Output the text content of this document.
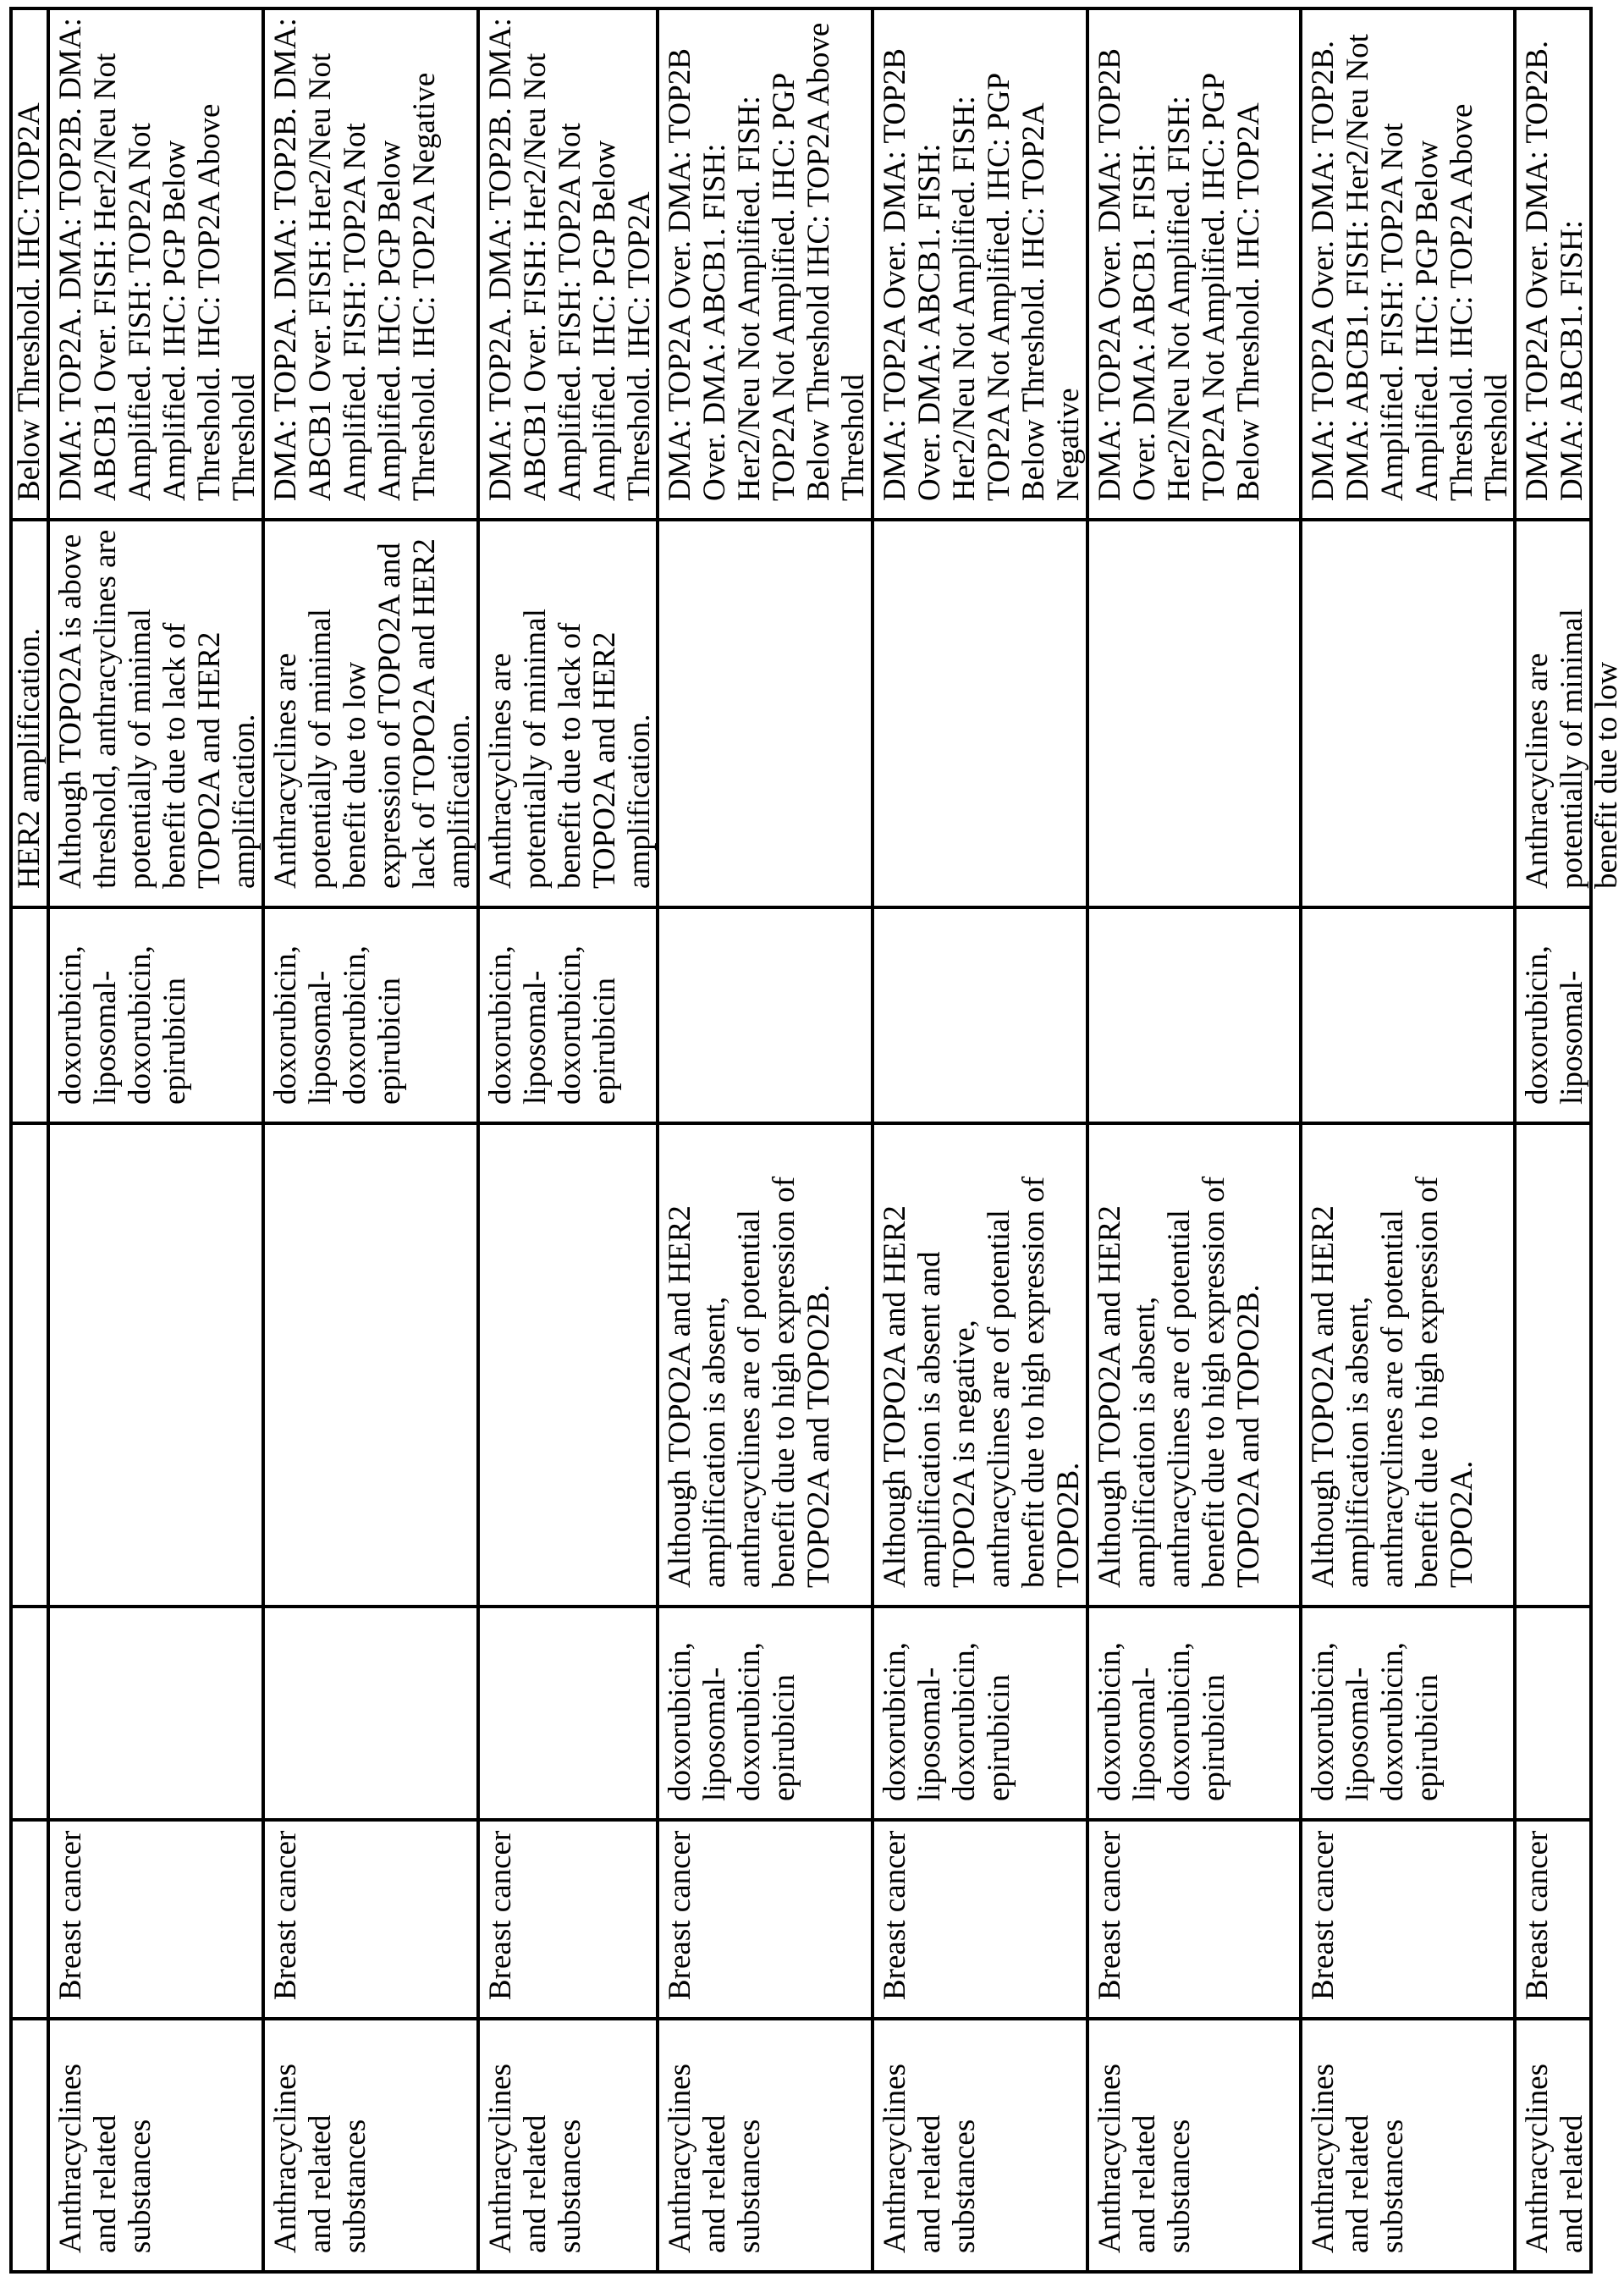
HER2 amplification.
Below Threshold. IHC: TOP2A
Anthracyclines and related substances
Breast cancer
doxorubicin, liposomal-doxorubicin, epirubicin
Although TOPO2A is above threshold, anthracyclines are potentially of minimal benefit due to lack of TOPO2A and HER2 amplification.
DMA: TOP2A. DMA: TOP2B. DMA: ABCB1 Over. FISH: Her2/Neu Not Amplified. FISH: TOP2A Not Amplified. IHC: PGP Below Threshold. IHC: TOP2A Above Threshold
Anthracyclines and related substances
Breast cancer
doxorubicin, liposomal-doxorubicin, epirubicin
Anthracyclines are potentially of minimal benefit due to low expression of TOPO2A and lack of TOPO2A and HER2 amplification.
DMA: TOP2A. DMA: TOP2B. DMA: ABCB1 Over. FISH: Her2/Neu Not Amplified. FISH: TOP2A Not Amplified. IHC: PGP Below Threshold. IHC: TOP2A Negative
Anthracyclines and related substances
Breast cancer
doxorubicin, liposomal-doxorubicin, epirubicin
Anthracyclines are potentially of minimal benefit due to lack of TOPO2A and HER2 amplification.
DMA: TOP2A. DMA: TOP2B. DMA: ABCB1 Over. FISH: Her2/Neu Not Amplified. FISH: TOP2A Not Amplified. IHC: PGP Below Threshold. IHC: TOP2A
Anthracyclines and related substances
Breast cancer
doxorubicin, liposomal-doxorubicin, epirubicin
Although TOPO2A and HER2 amplification is absent, anthracyclines are of potential benefit due to high expression of TOPO2A and TOPO2B.
DMA: TOP2A Over. DMA: TOP2B Over. DMA: ABCB1. FISH: Her2/Neu Not Amplified. FISH: TOP2A Not Amplified. IHC: PGP Below Threshold IHC: TOP2A Above Threshold
Anthracyclines and related substances
Breast cancer
doxorubicin, liposomal-doxorubicin, epirubicin
Although TOPO2A and HER2 amplification is absent and TOPO2A is negative, anthracyclines are of potential benefit due to high expression of TOPO2B.
DMA: TOP2A Over. DMA: TOP2B Over. DMA: ABCB1. FISH: Her2/Neu Not Amplified. FISH: TOP2A Not Amplified. IHC: PGP Below Threshold. IHC: TOP2A Negative
Anthracyclines and related substances
Breast cancer
doxorubicin, liposomal-doxorubicin, epirubicin
Although TOPO2A and HER2 amplification is absent, anthracyclines are of potential benefit due to high expression of TOPO2A and TOPO2B.
DMA: TOP2A Over. DMA: TOP2B Over. DMA: ABCB1. FISH: Her2/Neu Not Amplified. FISH: TOP2A Not Amplified. IHC: PGP Below Threshold. IHC: TOP2A
Anthracyclines and related substances
Breast cancer
doxorubicin, liposomal-doxorubicin, epirubicin
Although TOPO2A and HER2 amplification is absent, anthracyclines are of potential benefit due to high expression of TOPO2A.
DMA: TOP2A Over. DMA: TOP2B. DMA: ABCB1. FISH: Her2/Neu Not Amplified. FISH: TOP2A Not Amplified. IHC: PGP Below Threshold. IHC: TOP2A Above Threshold
Anthracyclines and related
Breast cancer
doxorubicin, liposomal-
Anthracyclines are potentially of minimal benefit due to low
DMA: TOP2A Over. DMA: TOP2B. DMA: ABCB1. FISH:
